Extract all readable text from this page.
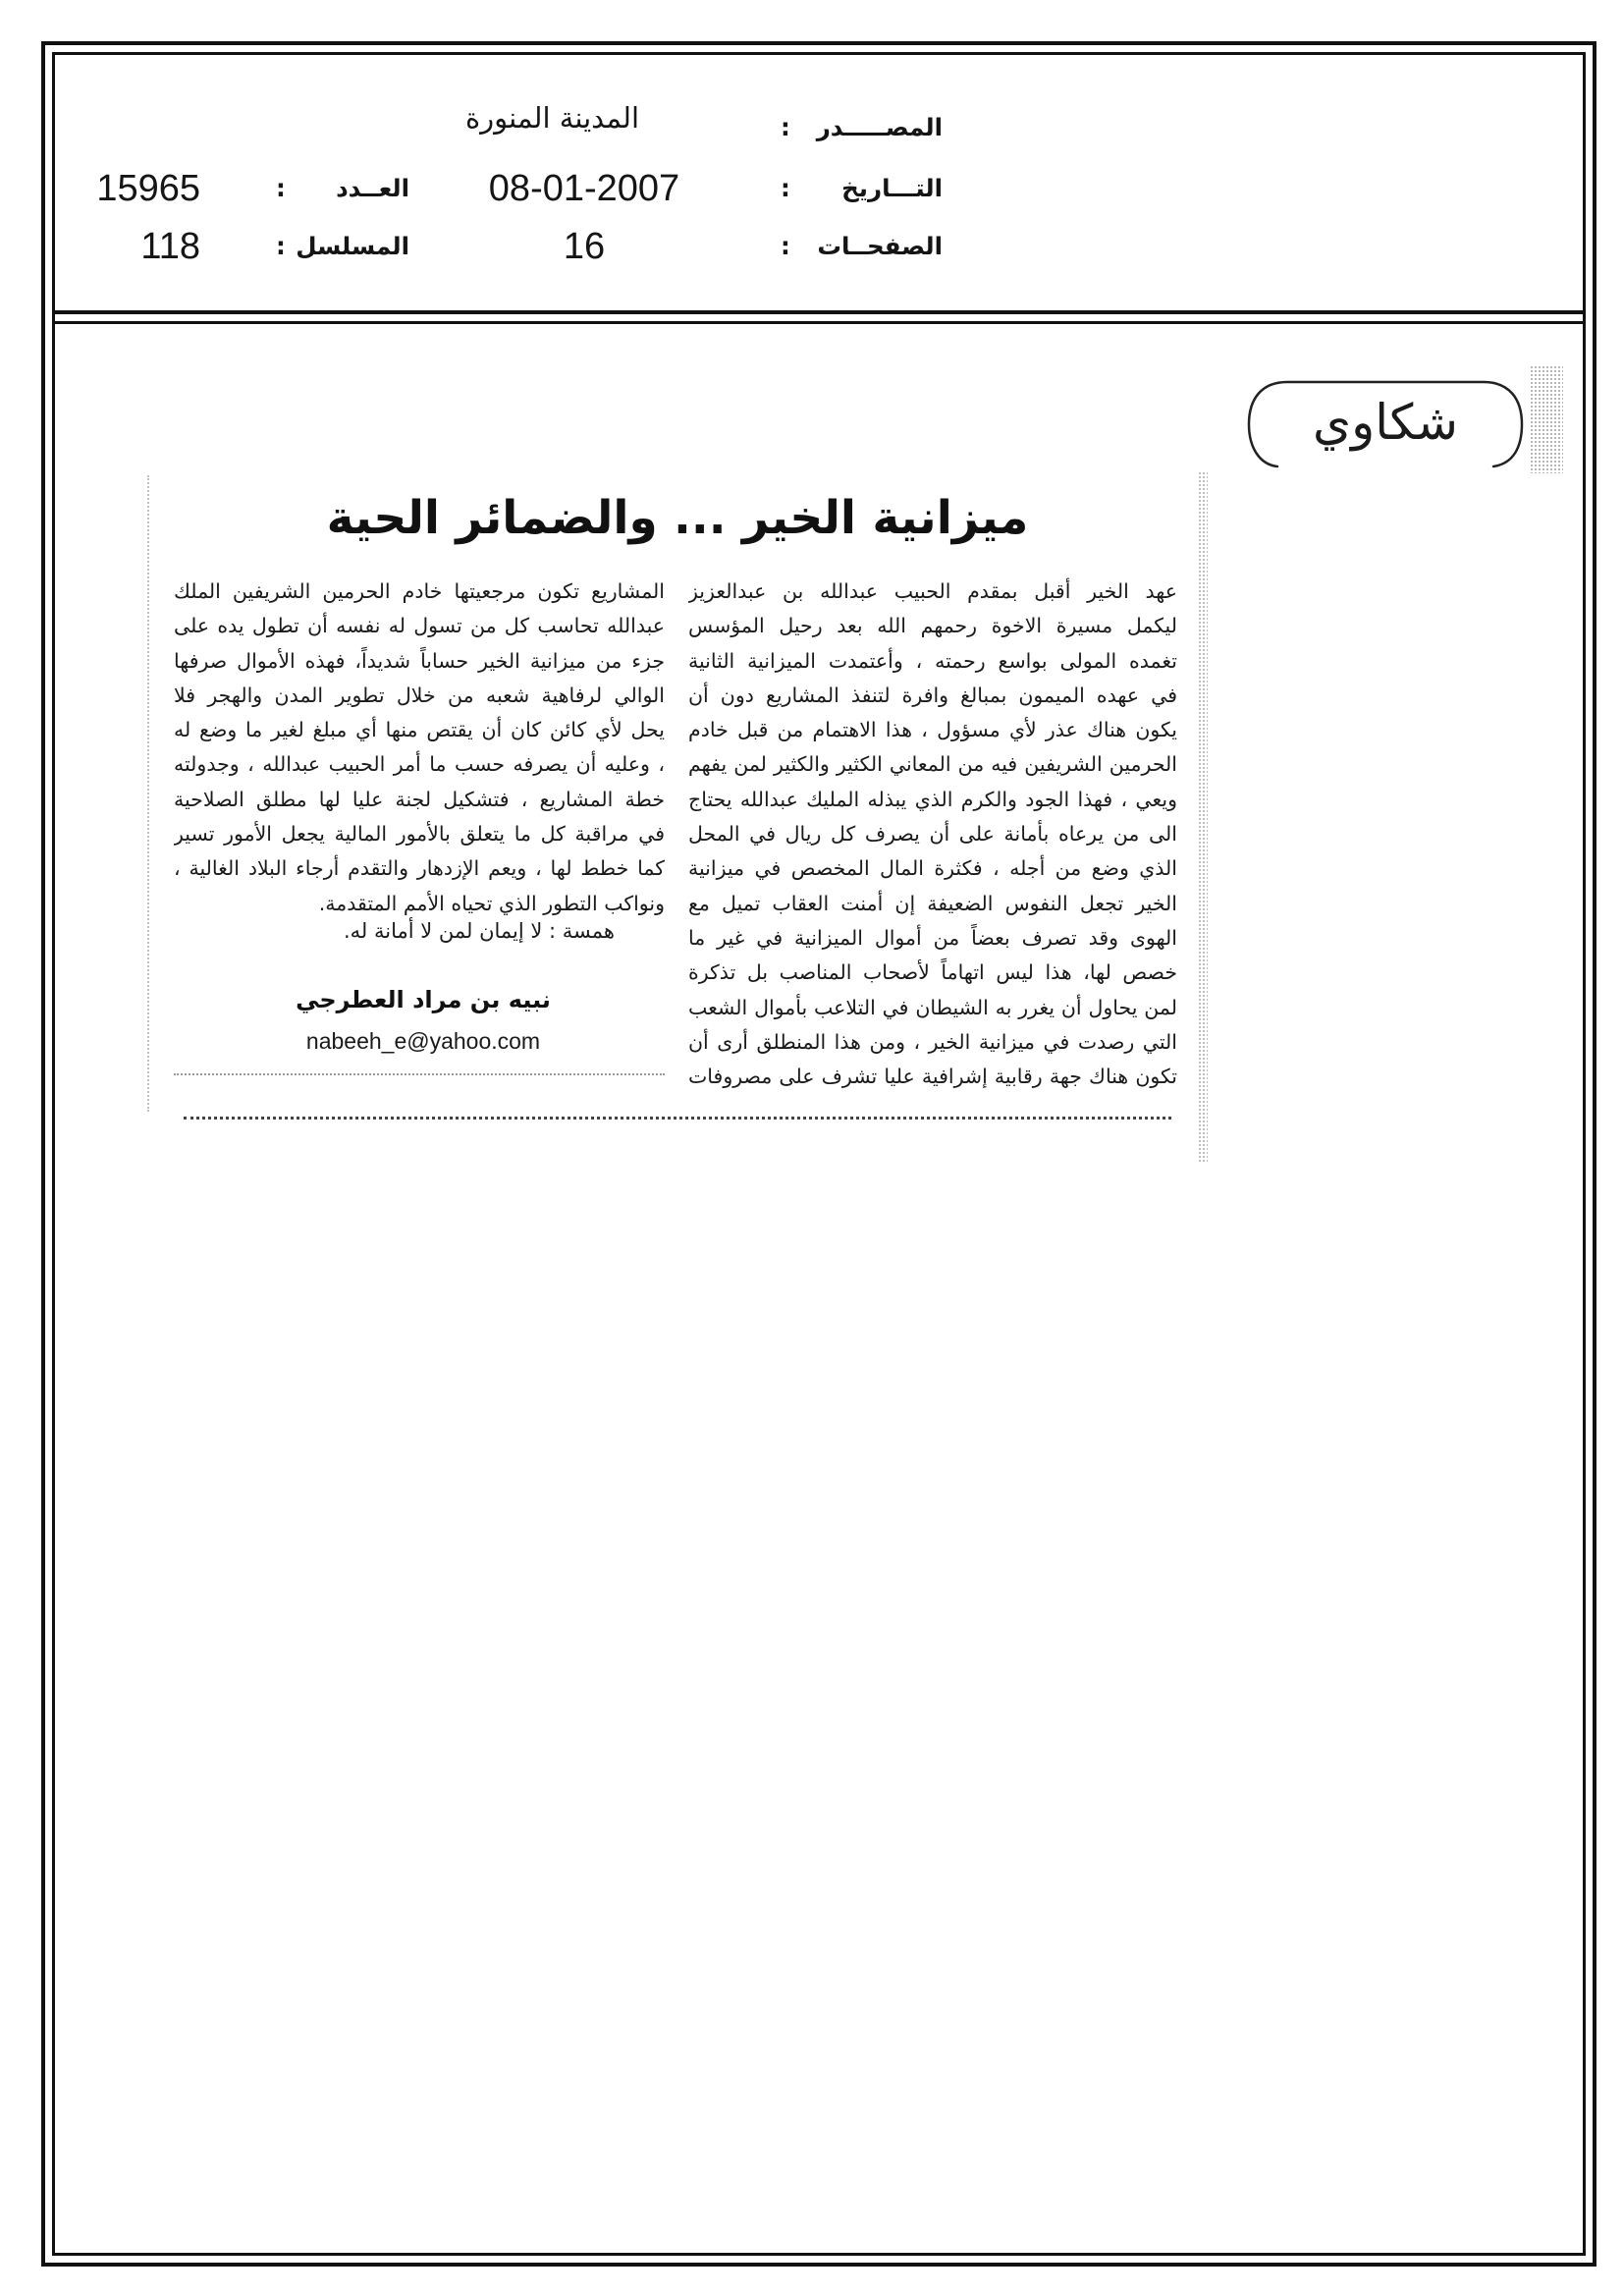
المصـــــدر :
المدينة المنورة
التـــاريخ :
08-01-2007
العــدد :
15965
الصفحــات :
16
المسلسل :
118
شكاوي
ميزانية الخير ... والضمائر الحية
عهد الخير أقبل بمقدم الحبيب عبدالله بن عبدالعزيز
ليكمل مسيرة الاخوة رحمهم الله بعد رحيل المؤسس
تغمده المولى بواسع رحمته ، وأعتمدت الميزانية الثانية
في عهده الميمون بمبالغ وافرة لتنفذ المشاريع دون أن
يكون هناك عذر لأي مسؤول ، هذا الاهتمام من قبل خادم
الحرمين الشريفين فيه من المعاني الكثير والكثير لمن يفهم
ويعي ، فهذا الجود والكرم الذي يبذله المليك عبدالله يحتاج
الى من يرعاه بأمانة على أن يصرف كل ريال في المحل
الذي وضع من أجله ، فكثرة المال المخصص في ميزانية
الخير تجعل النفوس الضعيفة إن أمنت العقاب تميل مع
الهوى وقد تصرف بعضاً من أموال الميزانية في غير ما
خصص لها، هذا ليس اتهاماً لأصحاب المناصب بل تذكرة
لمن يحاول أن يغرر به الشيطان في التلاعب بأموال الشعب
التي رصدت في ميزانية الخير ، ومن هذا المنطلق أرى أن
تكون هناك جهة رقابية إشرافية عليا تشرف على مصروفات
المشاريع تكون مرجعيتها خادم الحرمين الشريفين الملك
عبدالله تحاسب كل من تسول له نفسه أن تطول يده على
جزء من ميزانية الخير حساباً شديداً، فهذه الأموال صرفها
الوالي لرفاهية شعبه من خلال تطوير المدن والهجر فلا
يحل لأي كائن كان أن يقتص منها أي مبلغ لغير ما وضع له
، وعليه أن يصرفه حسب ما أمر الحبيب عبدالله ، وجدولته
خطة المشاريع ، فتشكيل لجنة عليا لها مطلق الصلاحية
في مراقبة كل ما يتعلق بالأمور المالية يجعل الأمور تسير
كما خطط لها ، ويعم الإزدهار والتقدم أرجاء البلاد الغالية ،
ونواكب التطور الذي تحياه الأمم المتقدمة.
همسة : لا إيمان لمن لا أمانة له.
نبيه بن مراد العطرجي
nabeeh_e@yahoo.com
